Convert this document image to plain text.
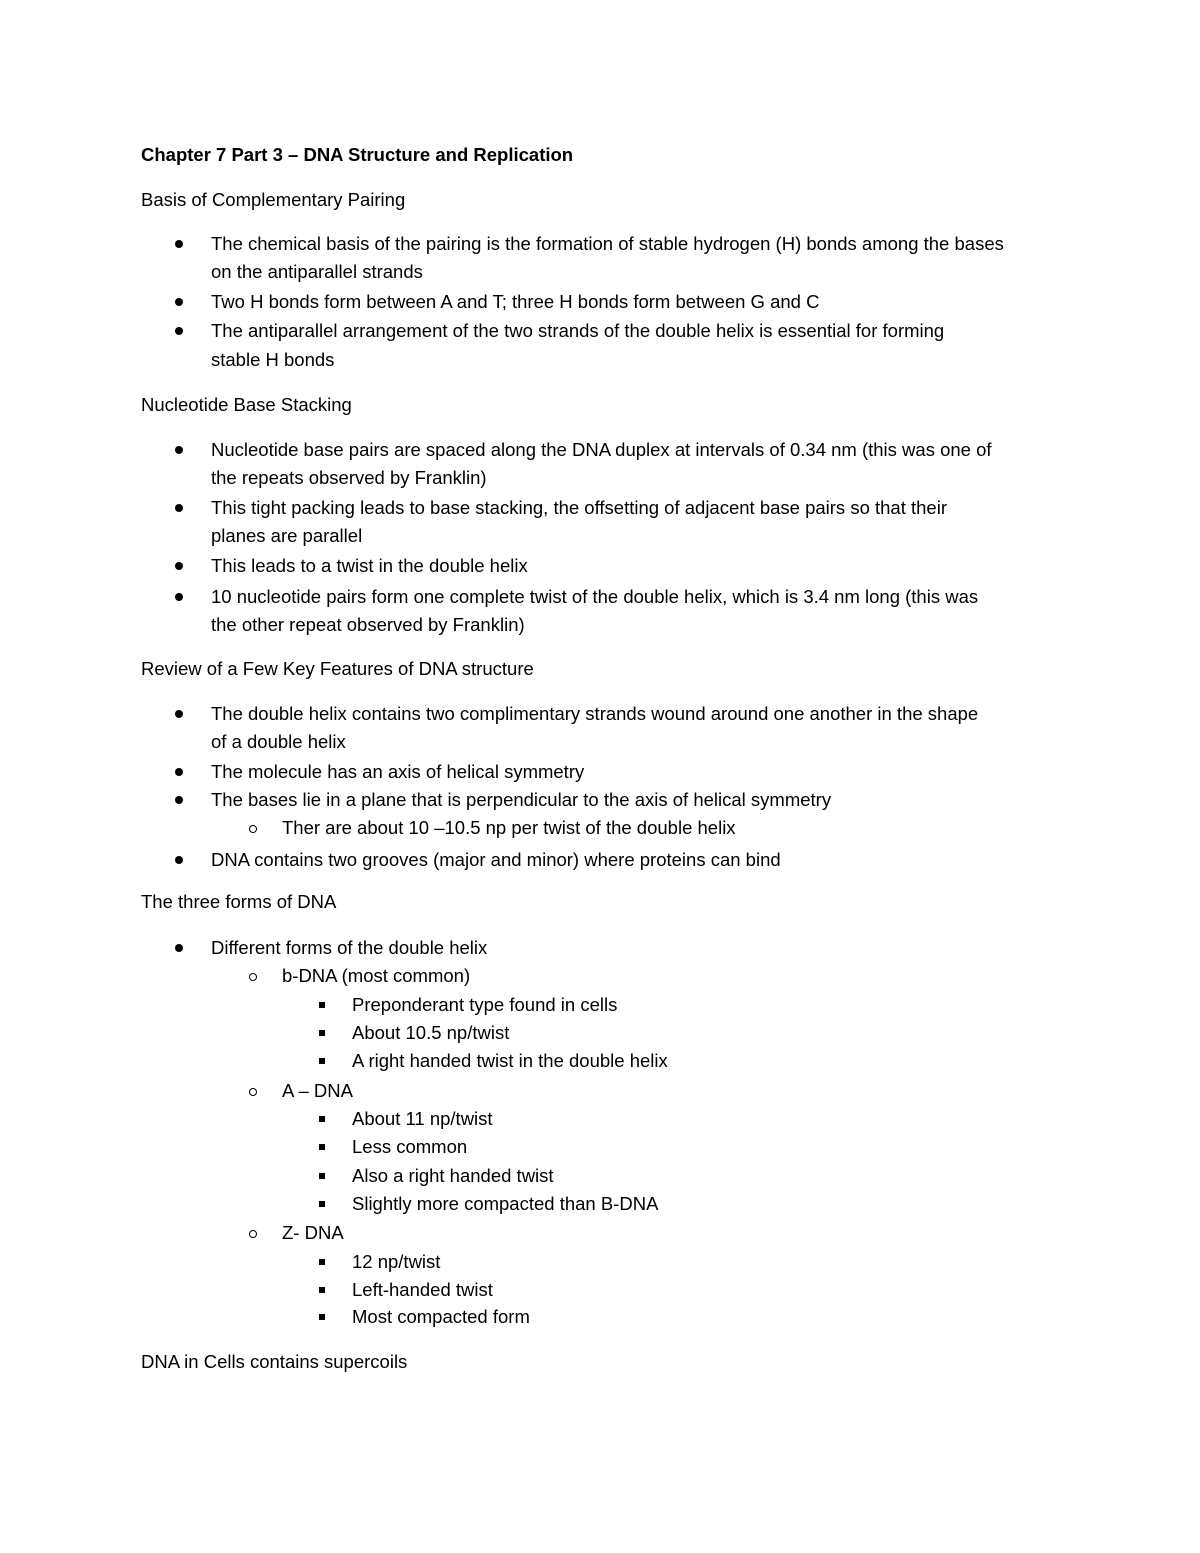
Chapter 7 Part 3 – DNA Structure and Replication
Basis of Complementary Pairing
The chemical basis of the pairing is the formation of stable hydrogen (H) bonds among the bases
on the antiparallel strands
Two H bonds form between A and T; three H bonds form between G and C
The antiparallel arrangement of the two strands of the double helix is essential for forming
stable H bonds
Nucleotide Base Stacking
Nucleotide base pairs are spaced along the DNA duplex at intervals of 0.34 nm (this was one of
the repeats observed by Franklin)
This tight packing leads to base stacking, the offsetting of adjacent base pairs so that their
planes are parallel
This leads to a twist in the double helix
10 nucleotide pairs form one complete twist of the double helix, which is 3.4 nm long (this was
the other repeat observed by Franklin)
Review of a Few Key Features of DNA structure
The double helix contains two complimentary strands wound around one another in the shape
of a double helix
The molecule has an axis of helical symmetry
The bases lie in a plane that is perpendicular to the axis of helical symmetry
Ther are about 10 –10.5 np per twist of the double helix
DNA contains two grooves (major and minor) where proteins can bind
The three forms of DNA
Different forms of the double helix
b-DNA (most common)
Preponderant type found in cells
About 10.5 np/twist
A right handed twist in the double helix
A – DNA
About 11 np/twist
Less common
Also a right handed twist
Slightly more compacted than B-DNA
Z- DNA
12 np/twist
Left-handed twist
Most compacted form
DNA in Cells contains supercoils
